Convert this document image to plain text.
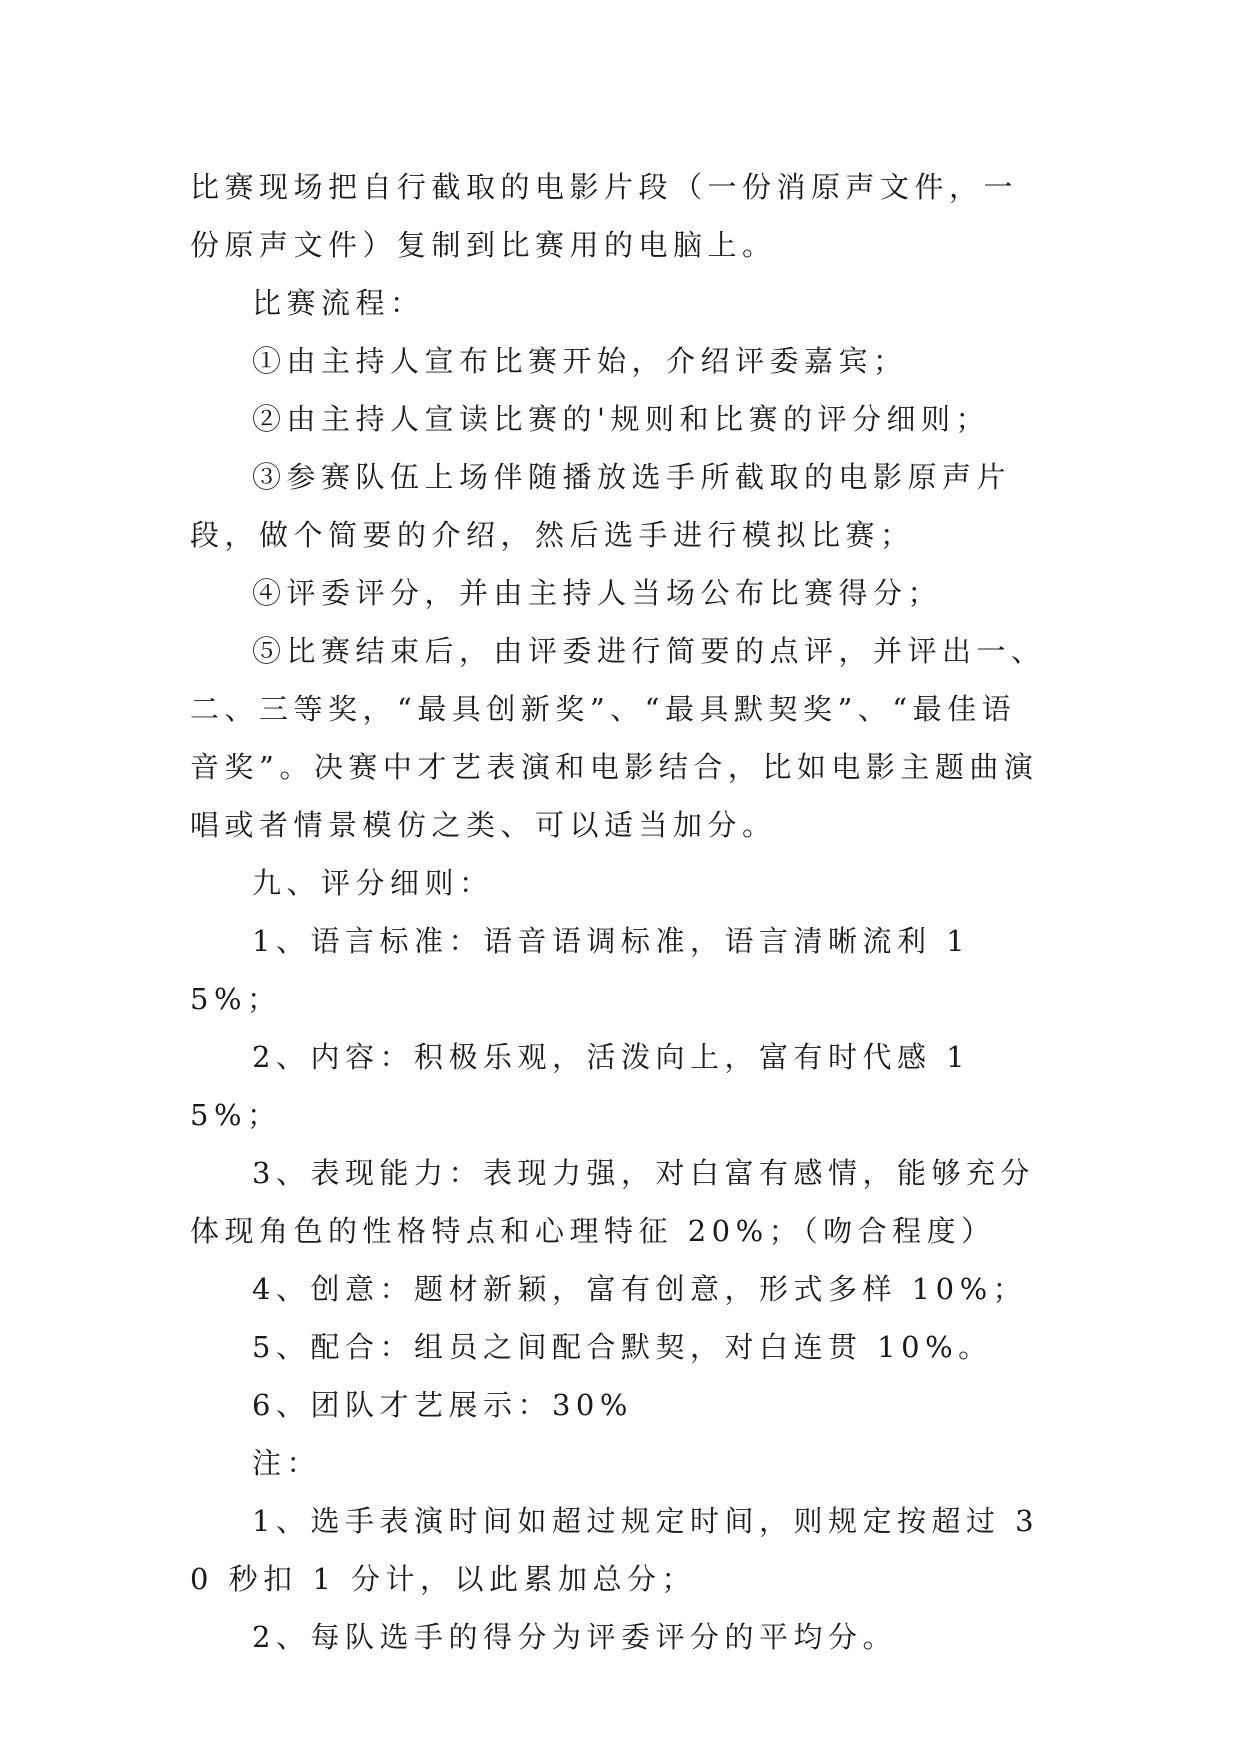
比赛现场把自行截取的电影片段（一份消原声文件，一份原声文件）复制到比赛用的电脑上。

比赛流程：

①由主持人宣布比赛开始，介绍评委嘉宾；

②由主持人宣读比赛的'规则和比赛的评分细则；

③参赛队伍上场伴随播放选手所截取的电影原声片段，做个简要的介绍，然后选手进行模拟比赛；

④评委评分，并由主持人当场公布比赛得分；

⑤比赛结束后，由评委进行简要的点评，并评出一、二、三等奖，“最具创新奖”、“最具默契奖”、“最佳语音奖”。决赛中才艺表演和电影结合，比如电影主题曲演唱或者情景模仿之类、可以适当加分。

九、评分细则：

1、语言标准：语音语调标准，语言清晰流利 15%；

2、内容：积极乐观，活泼向上，富有时代感 15%；

3、表现能力：表现力强，对白富有感情，能够充分体现角色的性格特点和心理特征 20%；（吻合程度）

4、创意：题材新颖，富有创意，形式多样 10%；

5、配合：组员之间配合默契，对白连贯 10%。

6、团队才艺展示：30%

注：

1、选手表演时间如超过规定时间，则规定按超过 30 秒扣 1 分计，以此累加总分；

2、每队选手的得分为评委评分的平均分。
